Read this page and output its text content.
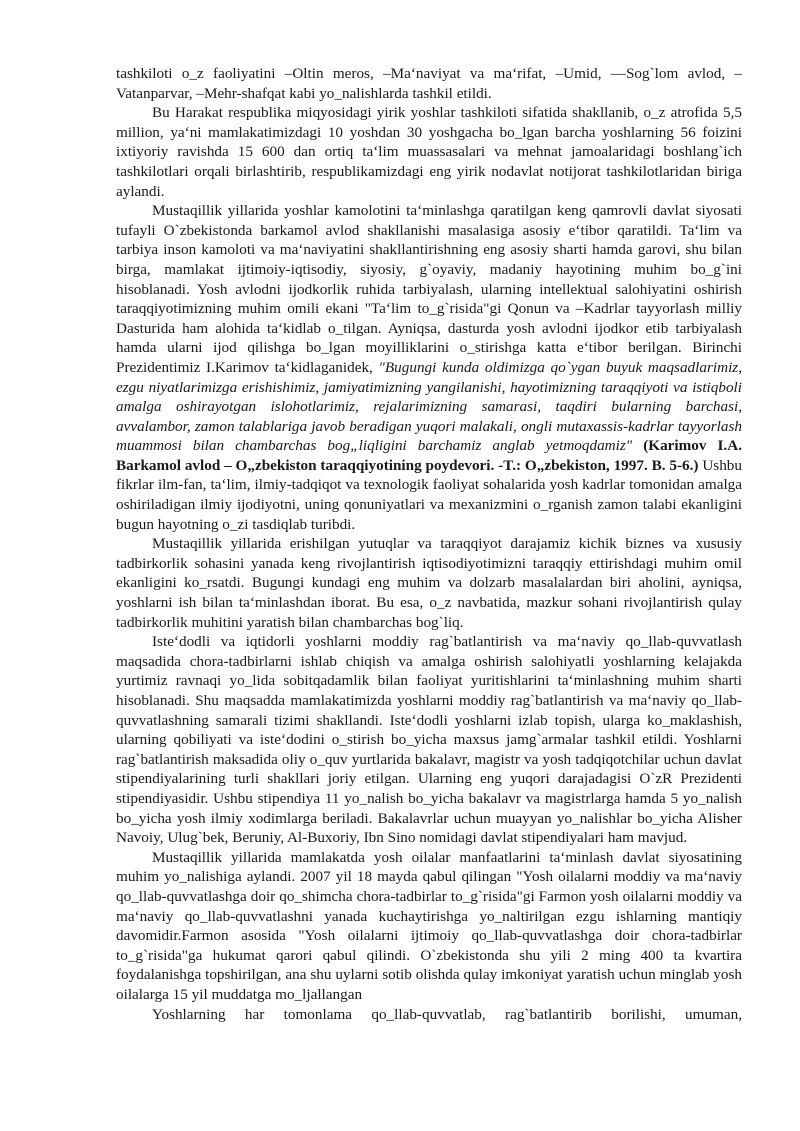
tashkiloti o_z faoliyatini –Oltin meros, –Ma‘naviyat va ma‘rifat, –Umid, —Sog`lom avlod, –Vatanparvar, –Mehr-shafqat kabi yo_nalishlarda tashkil etildi.

Bu Harakat respublika miqyosidagi yirik yoshlar tashkiloti sifatida shakllanib, o_z atrofida 5,5 million, ya‘ni mamlakatimizdagi 10 yoshdan 30 yoshgacha bo_lgan barcha yoshlarning 56 foizini ixtiyoriy ravishda 15 600 dan ortiq ta‘lim muassasalari va mehnat jamoalaridagi boshlang`ich tashkilotlari orqali birlashtirib, respublikamizdagi eng yirik nodavlat notijorat tashkilotlaridan biriga aylandi.

Mustaqillik yillarida yoshlar kamolotini ta‘minlashga qaratilgan keng qamrovli davlat siyosati tufayli O`zbekistonda barkamol avlod shakllanishi masalasiga asosiy e‘tibor qaratildi. Ta‘lim va tarbiya inson kamoloti va ma‘naviyatini shakllantirishning eng asosiy sharti hamda garovi, shu bilan birga, mamlakat ijtimoiy-iqtisodiy, siyosiy, g`oyaviy, madaniy hayotining muhim bo_g`ini hisoblanadi. Yosh avlodni ijodkorlik ruhida tarbiyalash, ularning intellektual salohiyatini oshirish taraqqiyotimizning muhim omili ekani "Ta‘lim to_g`risida"gi Qonun va –Kadrlar tayyorlash milliy Dasturida ham alohida ta‘kidlab o_tilgan. Ayniqsa, dasturda yosh avlodni ijodkor etib tarbiyalash hamda ularni ijod qilishga bo_lgan moyilliklarini o_stirishga katta e‘tibor berilgan. Birinchi Prezidentimiz I.Karimov ta‘kidlaganidek, "Bugungi kunda oldimizga qo`ygan buyuk maqsadlarimiz, ezgu niyatlarimizga erishishimiz, jamiyatimizning yangilanishi, hayotimizning taraqqiyoti va istiqboli amalga oshirayotgan islohotlarimiz, rejalarimizning samarasi, taqdiri bularning barchasi, avvalambor, zamon talablariga javob beradigan yuqori malakali, ongli mutaxassis-kadrlar tayyorlash muammosi bilan chambarchas bog„liqligini barchamiz anglab yetmoqdamiz" (Karimov I.A. Barkamol avlod – O„zbekiston taraqqiyotining poydevori. -T.: O„zbekiston, 1997. B. 5-6.) Ushbu fikrlar ilm-fan, ta‘lim, ilmiy-tadqiqot va texnologik faoliyat sohalarida yosh kadrlar tomonidan amalga oshiriladigan ilmiy ijodiyotni, uning qonuniyatlari va mexanizmini o_rganish zamon talabi ekanligini bugun hayotning o_zi tasdiqlab turibdi.

Mustaqillik yillarida erishilgan yutuqlar va taraqqiyot darajamiz kichik biznes va xususiy tadbirkorlik sohasini yanada keng rivojlantirish iqtisodiyotimizni taraqqiy ettirishdagi muhim omil ekanligini ko_rsatdi. Bugungi kundagi eng muhim va dolzarb masalalardan biri aholini, ayniqsa, yoshlarni ish bilan ta‘minlashdan iborat. Bu esa, o_z navbatida, mazkur sohani rivojlantirish qulay tadbirkorlik muhitini yaratish bilan chambarchas bog`liq.

Iste‘dodli va iqtidorli yoshlarni moddiy rag`batlantirish va ma‘naviy qo_llab-quvvatlash maqsadida chora-tadbirlarni ishlab chiqish va amalga oshirish salohiyatli yoshlarning kelajakda yurtimiz ravnaqi yo_lida sobitqadamlik bilan faoliyat yuritishlarini ta‘minlashning muhim sharti hisoblanadi. Shu maqsadda mamlakatimizda yoshlarni moddiy rag`batlantirish va ma‘naviy qo_llab-quvvatlashning samarali tizimi shakllandi. Iste‘dodli yoshlarni izlab topish, ularga ko_maklashish, ularning qobiliyati va iste‘dodini o_stirish bo_yicha maxsus jamg`armalar tashkil etildi. Yoshlarni rag`batlantirish maksadida oliy o_quv yurtlarida bakalavr, magistr va yosh tadqiqotchilar uchun davlat stipendiyalarining turli shakllari joriy etilgan. Ularning eng yuqori darajadagisi O`zR Prezidenti stipendiyasidir. Ushbu stipendiya 11 yo_nalish bo_yicha bakalavr va magistrlarga hamda 5 yo_nalish bo_yicha yosh ilmiy xodimlarga beriladi. Bakalavrlar uchun muayyan yo_nalishlar bo_yicha Alisher Navoiy, Ulug`bek, Beruniy, Al-Buxoriy, Ibn Sino nomidagi davlat stipendiyalari ham mavjud.

Mustaqillik yillarida mamlakatda yosh oilalar manfaatlarini ta‘minlash davlat siyosatining muhim yo_nalishiga aylandi. 2007 yil 18 mayda qabul qilingan "Yosh oilalarni moddiy va ma‘naviy qo_llab-quvvatlashga doir qo_shimcha chora-tadbirlar to_g`risida"gi Farmon yosh oilalarni moddiy va ma‘naviy qo_llab-quvvatlashni yanada kuchaytirishga yo_naltirilgan ezgu ishlarning mantiqiy davomidir.Farmon asosida "Yosh oilalarni ijtimoiy qo_llab-quvvatlashga doir chora-tadbirlar to_g`risida"ga hukumat qarori qabul qilindi. O`zbekistonda shu yili 2 ming 400 ta kvartira foydalanishga topshirilgan, ana shu uylarni sotib olishda qulay imkoniyat yaratish uchun minglab yosh oilalarga 15 yil muddatga mo_ljallangan

Yoshlarning har tomonlama qo_llab-quvvatlab, rag`batlantirib borilishi, umuman,
